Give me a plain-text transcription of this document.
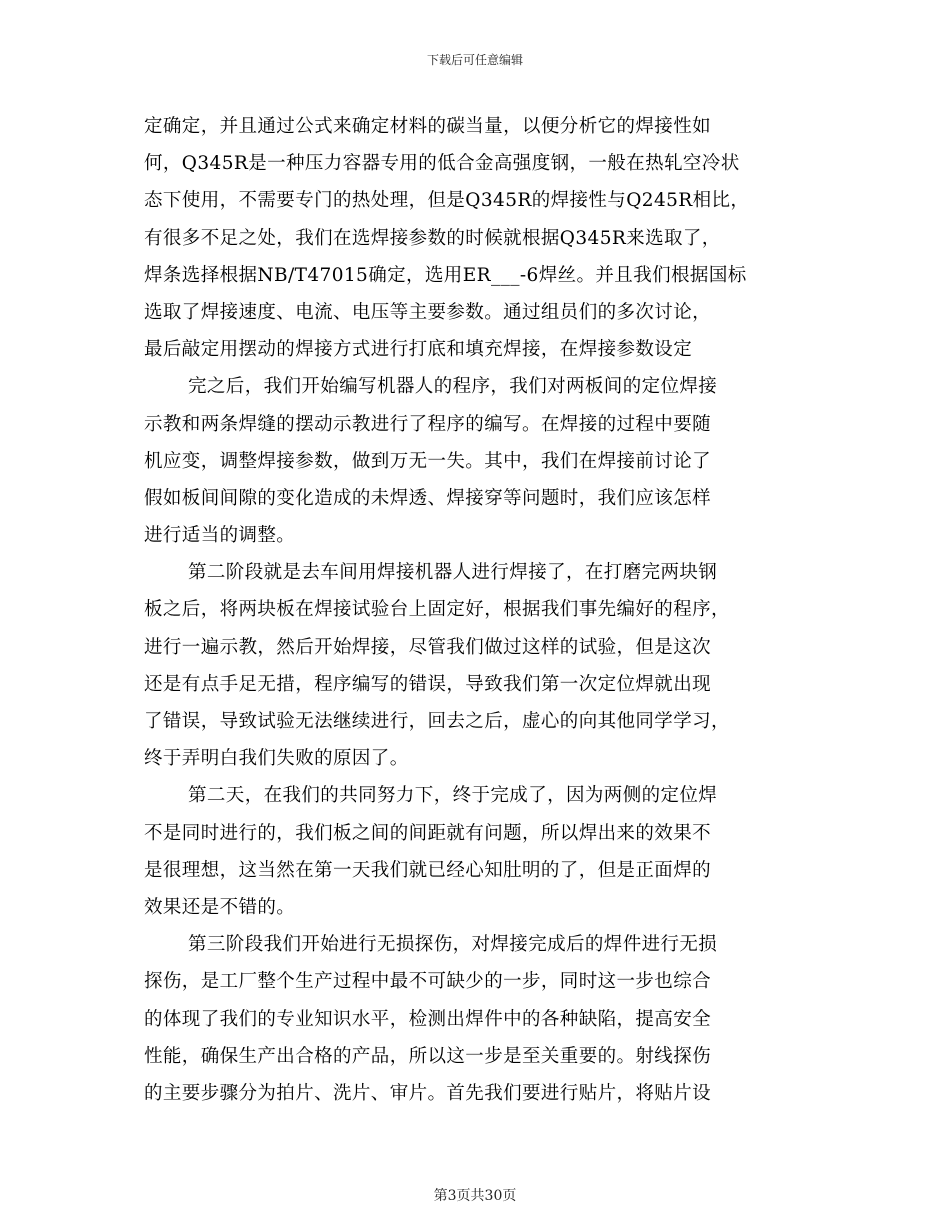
下载后可任意编辑
定确定，并且通过公式来确定材料的碳当量，以便分析它的焊接性如
何，Q345R是一种压力容器专用的低合金高强度钢，一般在热轧空冷状
态下使用，不需要专门的热处理，但是Q345R的焊接性与Q245R相比，
有很多不足之处，我们在选焊接参数的时候就根据Q345R来选取了，
焊条选择根据NB/T47015确定，选用ER___-6焊丝。并且我们根据国标
选取了焊接速度、电流、电压等主要参数。通过组员们的多次讨论，
最后敲定用摆动的焊接方式进行打底和填充焊接，在焊接参数设定
完之后，我们开始编写机器人的程序，我们对两板间的定位焊接
示教和两条焊缝的摆动示教进行了程序的编写。在焊接的过程中要随
机应变，调整焊接参数，做到万无一失。其中，我们在焊接前讨论了
假如板间间隙的变化造成的未焊透、焊接穿等问题时，我们应该怎样
进行适当的调整。
第二阶段就是去车间用焊接机器人进行焊接了，在打磨完两块钢
板之后，将两块板在焊接试验台上固定好，根据我们事先编好的程序，
进行一遍示教，然后开始焊接，尽管我们做过这样的试验，但是这次
还是有点手足无措，程序编写的错误，导致我们第一次定位焊就出现
了错误，导致试验无法继续进行，回去之后，虚心的向其他同学学习，
终于弄明白我们失败的原因了。
第二天，在我们的共同努力下，终于完成了，因为两侧的定位焊
不是同时进行的，我们板之间的间距就有问题，所以焊出来的效果不
是很理想，这当然在第一天我们就已经心知肚明的了，但是正面焊的
效果还是不错的。
第三阶段我们开始进行无损探伤，对焊接完成后的焊件进行无损
探伤，是工厂整个生产过程中最不可缺少的一步，同时这一步也综合
的体现了我们的专业知识水平，检测出焊件中的各种缺陷，提高安全
性能，确保生产出合格的产品，所以这一步是至关重要的。射线探伤
的主要步骤分为拍片、洗片、审片。首先我们要进行贴片，将贴片设
第3页共30页
